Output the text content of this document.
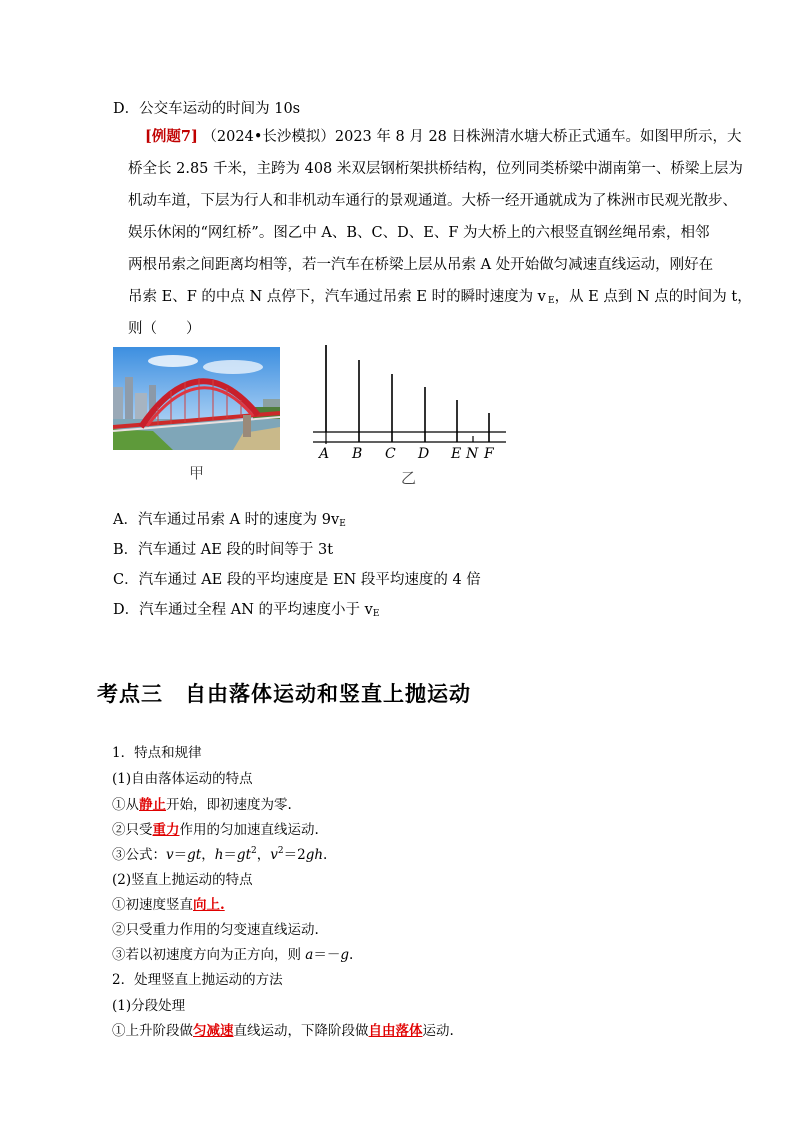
D．公交车运动的时间为 10s
[例题7] （2024•长沙模拟）2023 年 8 月 28 日株洲清水塘大桥正式通车。如图甲所示，大
桥全长 2.85 千米，主跨为 408 米双层钢桁架拱桥结构，位列同类桥梁中湖南第一、桥梁上层为
机动车道，下层为行人和非机动车通行的景观通道。大桥一经开通就成为了株洲市民观光散步、
娱乐休闲的“网红桥”。图乙中 A、B、C、D、E、F 为大桥上的六根竖直钢丝绳吊索，相邻
两根吊索之间距离均相等，若一汽车在桥梁上层从吊索 A 处开始做匀减速直线运动，刚好在
吊索 E、F 的中点 N 点停下，汽车通过吊索 E 时的瞬时速度为 v $_E$，从 E 点到 N 点的时间为 t，
则（　　）
甲
A B C D E N F
乙
A．汽车通过吊索 A 时的速度为 $9v_E$
B．汽车通过 AE 段的时间等于 3t
C．汽车通过 AE 段的平均速度是 EN 段平均速度的 4 倍
D．汽车通过全程 AN 的平均速度小于 $v_E$
考点三　自由落体运动和竖直上抛运动
1．特点和规律
(1)自由落体运动的特点
①从静止开始，即初速度为零.
②只受重力作用的匀加速直线运动.
③公式：v＝gt，$h=gt^2$，$v^2=2gh$.
(2)竖直上抛运动的特点
①初速度竖直向上.
②只受重力作用的匀变速直线运动.
③若以初速度方向为正方向，则 a＝－g.
2．处理竖直上抛运动的方法
(1)分段处理
①上升阶段做匀减速直线运动，下降阶段做自由落体运动.
